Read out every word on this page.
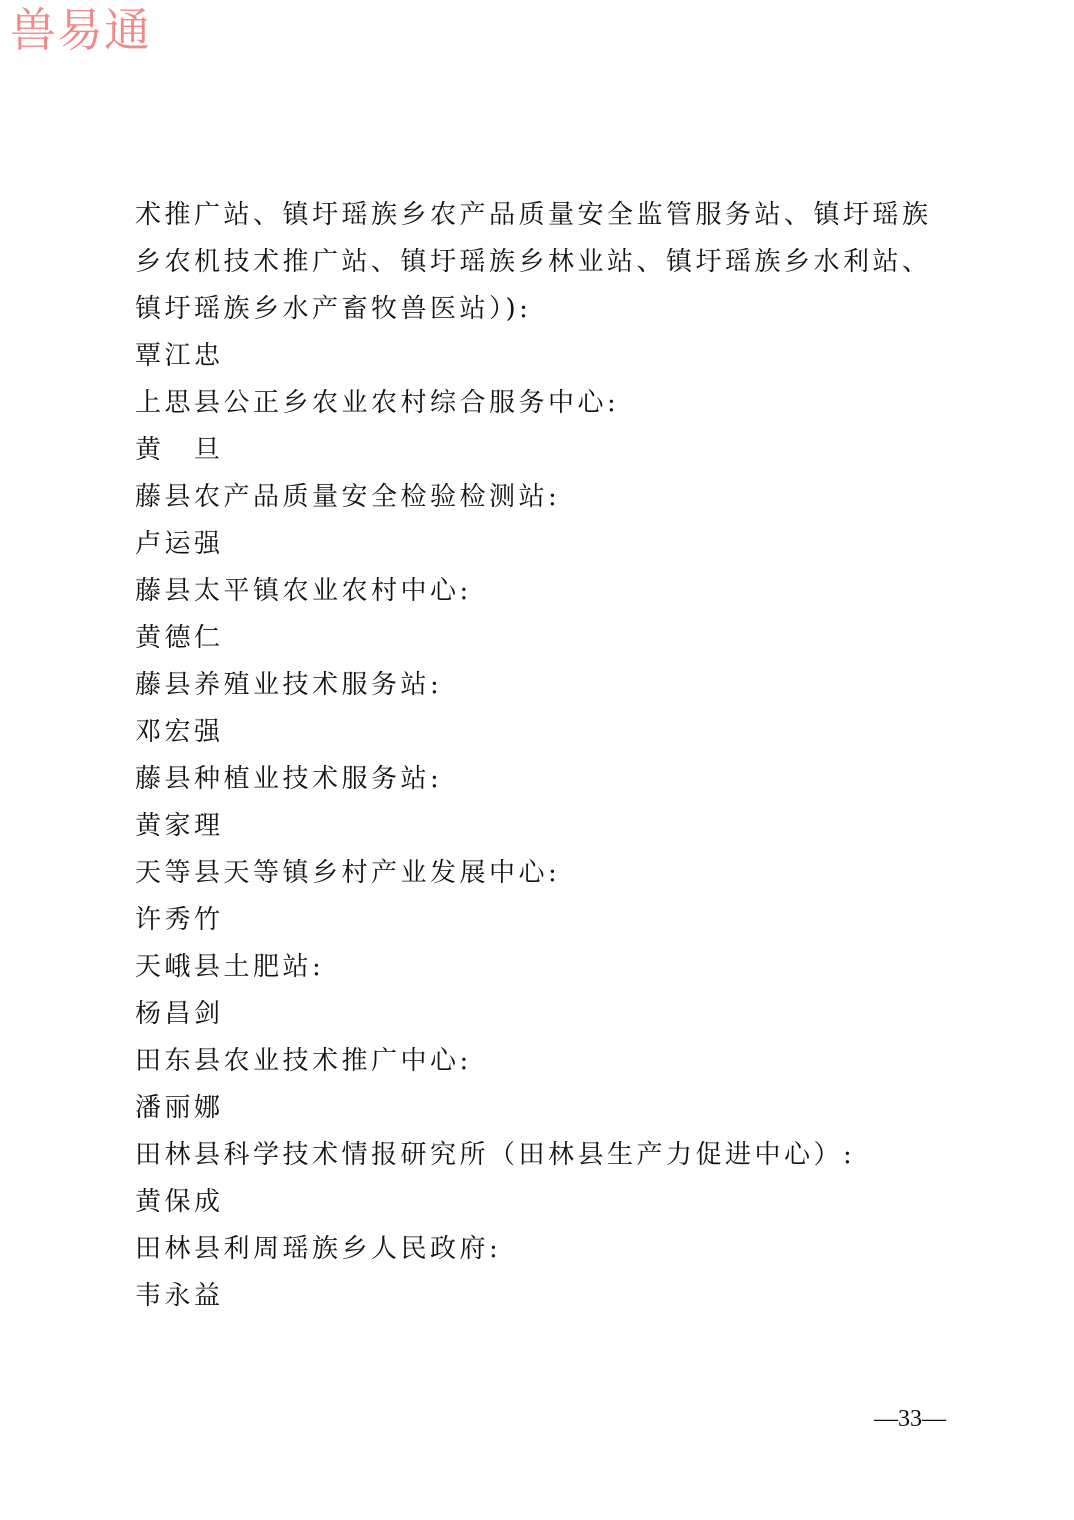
兽易通
术推广站、镇圩瑶族乡农产品质量安全监管服务站、镇圩瑶族
乡农机技术推广站、镇圩瑶族乡林业站、镇圩瑶族乡水利站、
镇圩瑶族乡水产畜牧兽医站）):
覃江忠
上思县公正乡农业农村综合服务中心:
黄　旦
藤县农产品质量安全检验检测站:
卢运强
藤县太平镇农业农村中心:
黄德仁
藤县养殖业技术服务站:
邓宏强
藤县种植业技术服务站:
黄家理
天等县天等镇乡村产业发展中心:
许秀竹
天峨县土肥站:
杨昌剑
田东县农业技术推广中心:
潘丽娜
田林县科学技术情报研究所（田林县生产力促进中心）:
黄保成
田林县利周瑶族乡人民政府:
韦永益
—33—
